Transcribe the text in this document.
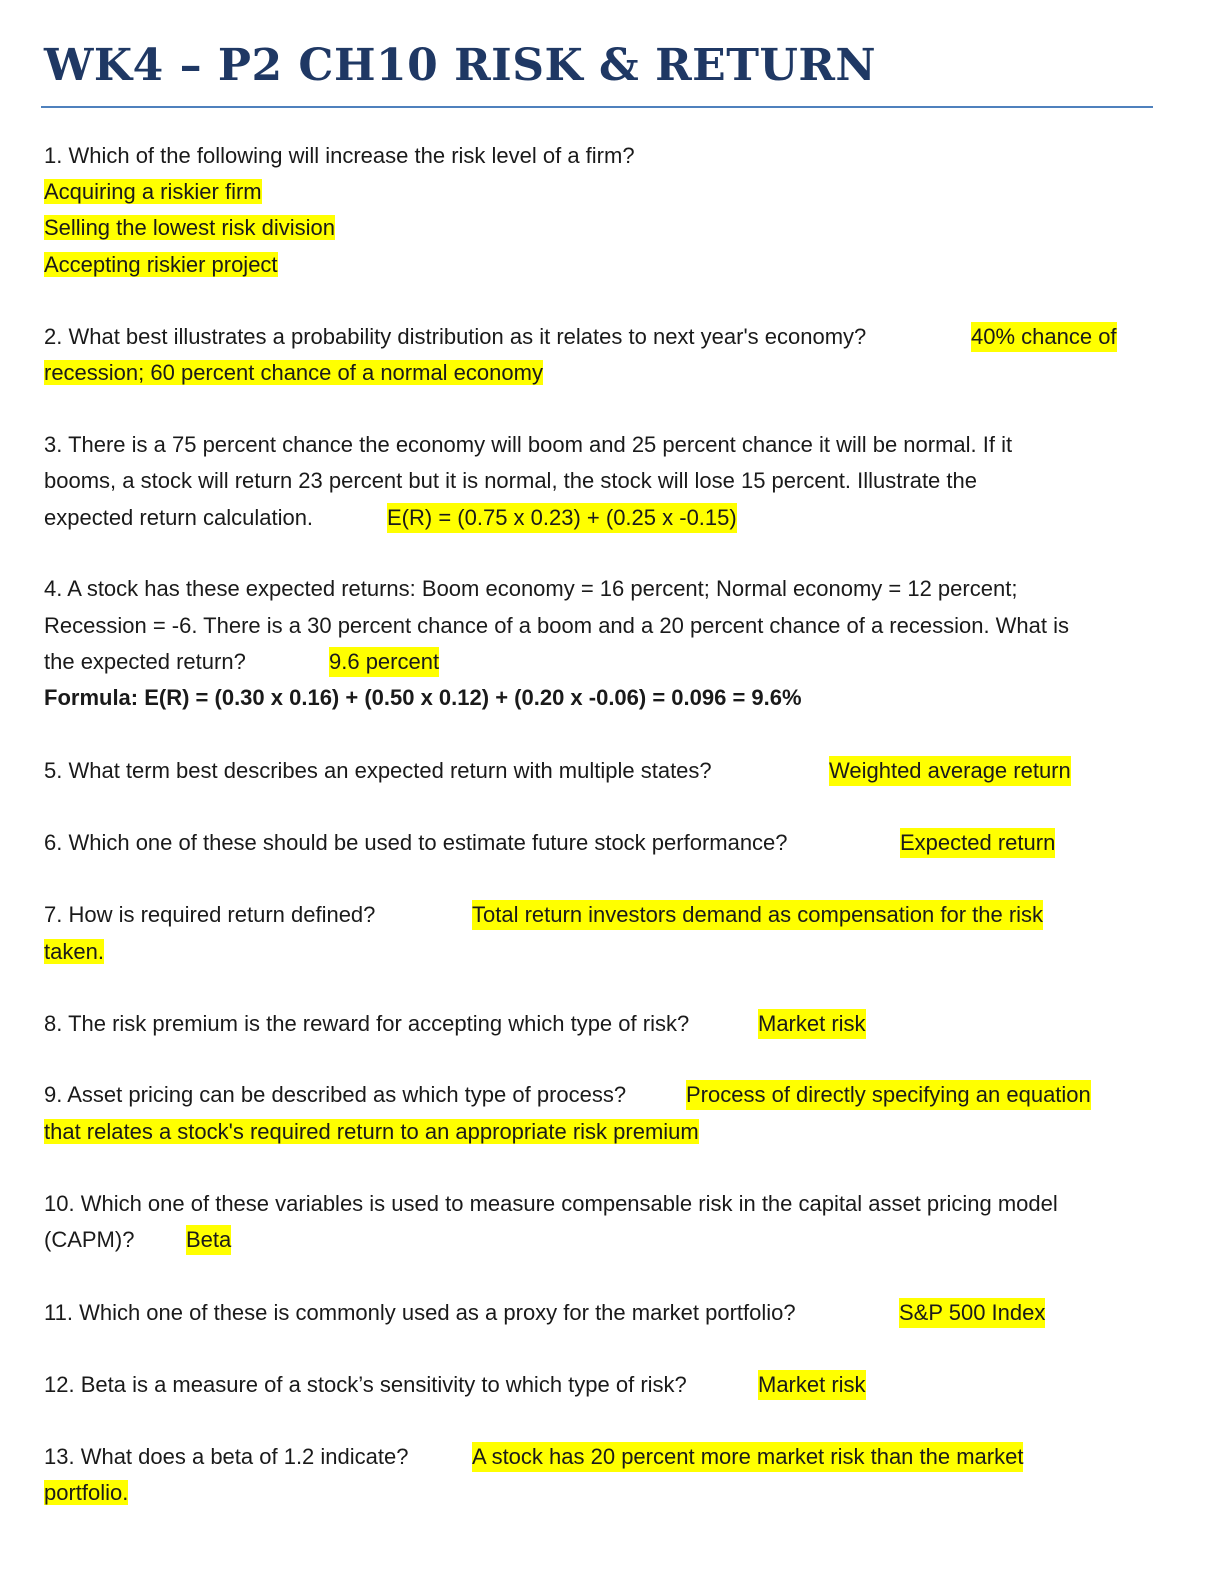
WK4 – P2 CH10 RISK & RETURN
1. Which of the following will increase the risk level of a firm?
Acquiring a riskier firm
Selling the lowest risk division
Accepting riskier project
2. What best illustrates a probability distribution as it relates to next year's economy?	40% chance of
recession; 60 percent chance of a normal economy
3. There is a 75 percent chance the economy will boom and 25 percent chance it will be normal. If it
booms, a stock will return 23 percent but it is normal, the stock will lose 15 percent. Illustrate the
expected return calculation.	E(R) = (0.75 x 0.23) + (0.25 x -0.15)
4. A stock has these expected returns: Boom economy = 16 percent; Normal economy = 12 percent;
Recession = -6. There is a 30 percent chance of a boom and a 20 percent chance of a recession. What is
the expected return?	9.6 percent
Formula: E(R) = (0.30 x 0.16) + (0.50 x 0.12) + (0.20 x -0.06) = 0.096 = 9.6%
5. What term best describes an expected return with multiple states?	Weighted average return
6. Which one of these should be used to estimate future stock performance?	Expected return
7. How is required return defined?	Total return investors demand as compensation for the risk
taken.
8. The risk premium is the reward for accepting which type of risk?	Market risk
9. Asset pricing can be described as which type of process?	Process of directly specifying an equation
that relates a stock's required return to an appropriate risk premium
10. Which one of these variables is used to measure compensable risk in the capital asset pricing model
(CAPM)? Beta
11. Which one of these is commonly used as a proxy for the market portfolio?	S&P 500 Index
12. Beta is a measure of a stock’s sensitivity to which type of risk?	Market risk
13. What does a beta of 1.2 indicate?	A stock has 20 percent more market risk than the market
portfolio.
